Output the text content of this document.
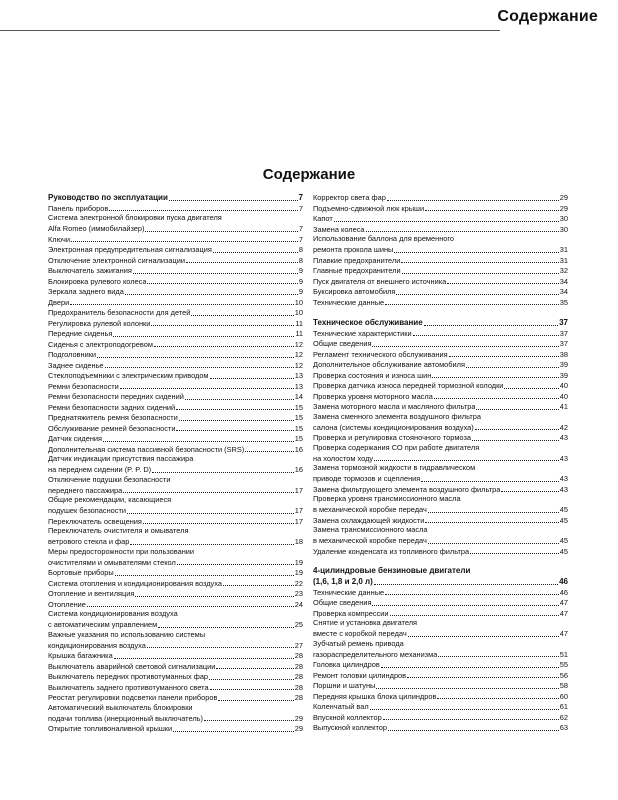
Содержание
Содержание
Руководство по эксплуатации	7
Панель приборов	7
Система электронной блокировки пуска двигателя
Alfa Romeo (иммобилайзер)	7
Ключи	7
Электронная предупредительная сигнализация	8
Отключение электронной сигнализации	8
Выключатель зажигания	9
Блокировка рулевого колеса	9
Зеркала заднего вида	9
Двери	10
Предохранитель безопасности для детей	10
Регулировка рулевой колонки	11
Передние сиденья	11
Сиденья с электроподогревом	12
Подголовники	12
Заднее сиденье	12
Стеклоподъемники с электрическим приводом	13
Ремни безопасности	13
Ремни безопасности передних сидений	14
Ремни безопасности задних сидений	15
Преднатяжитель ремня безопасности	15
Обслуживание ремней безопасности	15
Датчик сидения	15
Дополнительная система пассивной безопасности (SRS)	16
Датчик индикации присутствия пассажира
на переднем сидении (P. P. D)	16
Отключение подушки безопасности
переднего пассажира	17
Общие рекомендации, касающиеся
подушек безопасности	17
Переключатель освещения	17
Переключатель очистителя и омывателя
ветрового стекла и фар	18
Меры предосторожности при пользовании
очистителями и омывателями стекол	19
Бортовые приборы	19
Система отопления и кондиционирования воздуха	22
Отопление и вентиляция	23
Отопление	24
Система кондиционирования воздуха
с автоматическим управлением	25
Важные указания по использованию системы
кондиционирования воздуха	27
Крышка багажника	28
Выключатель аварийной световой сигнализации	28
Выключатель передних противотуманных фар	28
Выключатель заднего противотуманного света	28
Реостат регулировки подсветки панели приборов	28
Автоматический выключатель блокировки
подачи топлива (инерционный выключатель)	29
Открытие топливоналивной крышки	29
Корректор света фар	29
Подъемно-сдвижной люк крыши	29
Капот	30
Замена колеса	30
Использование баллона для временного
ремонта прокола шины	31
Плавкие предохранители	31
Главные предохранители	32
Пуск двигателя от внешнего источника	34
Буксировка автомобиля	34
Технические данные	35
Техническое обслуживание	37
Технические характеристики	37
Общие сведения	37
Регламент технического обслуживания	38
Дополнительное обслуживание автомобиля	39
Проверка состояния и износа шин	39
Проверка датчика износа передней тормозной колодки	40
Проверка уровня моторного масла	40
Замена моторного масла и масляного фильтра	41
Замена сменного элемента воздушного фильтра
салона (системы кондиционирования воздуха)	42
Проверка и регулировка стояночного тормоза	43
Проверка содержания СО при работе двигателя
на холостом ходу	43
Замена тормозной жидкости в гидравлическом
приводе тормозов и сцепления	43
Замена фильтрующего элемента воздушного фильтра	43
Проверка уровня трансмиссионного масла
в механической коробке передач	45
Замена охлаждающей жидкости	45
Замена трансмиссионного масла
в механической коробке передач	45
Удаление конденсата из топливного фильтра	45
4-цилиндровые бензиновые двигатели
(1,6, 1,8 и 2,0 л)	46
Технические данные	46
Общие сведения	47
Проверка компрессии	47
Снятие и установка двигателя
вместе с коробкой передач	47
Зубчатый ремень привода
газораспределительного механизма	51
Головка цилиндров	55
Ремонт головки цилиндров	56
Поршни и шатуны	58
Передняя крышка блока цилиндров	60
Коленчатый вал	61
Впускной коллектор	62
Выпускной коллектор	63
